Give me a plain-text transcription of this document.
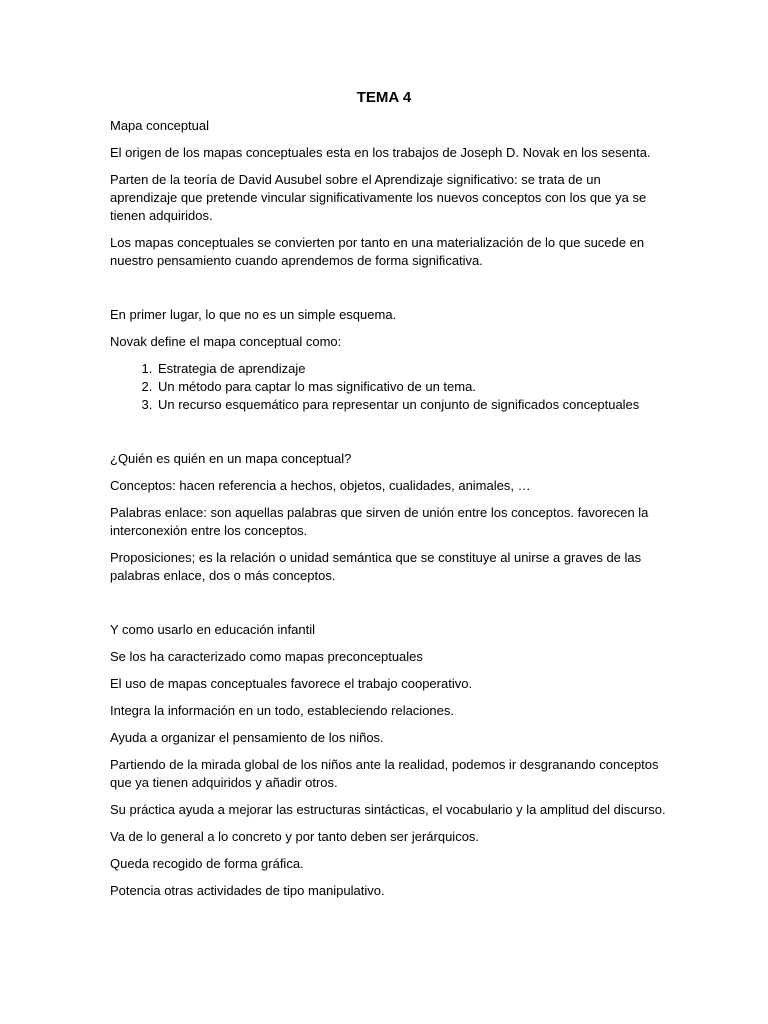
TEMA 4

Mapa conceptual

El origen de los mapas conceptuales esta en los trabajos de Joseph D. Novak en los sesenta.

Parten de la teoría de David Ausubel sobre el Aprendizaje significativo: se trata de un aprendizaje que pretende vincular significativamente los nuevos conceptos con los que ya se tienen adquiridos.

Los mapas conceptuales se convierten por tanto en una materialización de lo que sucede en nuestro pensamiento cuando aprendemos de forma significativa.

En primer lugar, lo que no es un simple esquema.

Novak define el mapa conceptual como:

1. Estrategia de aprendizaje
2. Un método para captar lo mas significativo de un tema.
3. Un recurso esquemático para representar un conjunto de significados conceptuales

¿Quién es quién en un mapa conceptual?

Conceptos: hacen referencia a hechos, objetos, cualidades, animales, …

Palabras enlace: son aquellas palabras que sirven de unión entre los conceptos. favorecen la interconexión entre los conceptos.

Proposiciones; es la relación o unidad semántica que se constituye al unirse a graves de las palabras enlace, dos o más conceptos.

Y como usarlo en educación infantil

Se los ha caracterizado como mapas preconceptuales

El uso de mapas conceptuales favorece el trabajo cooperativo.

Integra la información en un todo, estableciendo relaciones.

Ayuda a organizar el pensamiento de los niños.

Partiendo de la mirada global de los niños ante la realidad, podemos ir desgranando conceptos que ya tienen adquiridos y añadir otros.

Su práctica ayuda a mejorar las estructuras sintácticas, el vocabulario y la amplitud del discurso.

Va de lo general a lo concreto y por tanto deben ser jerárquicos.

Queda recogido de forma gráfica.

Potencia otras actividades de tipo manipulativo.
